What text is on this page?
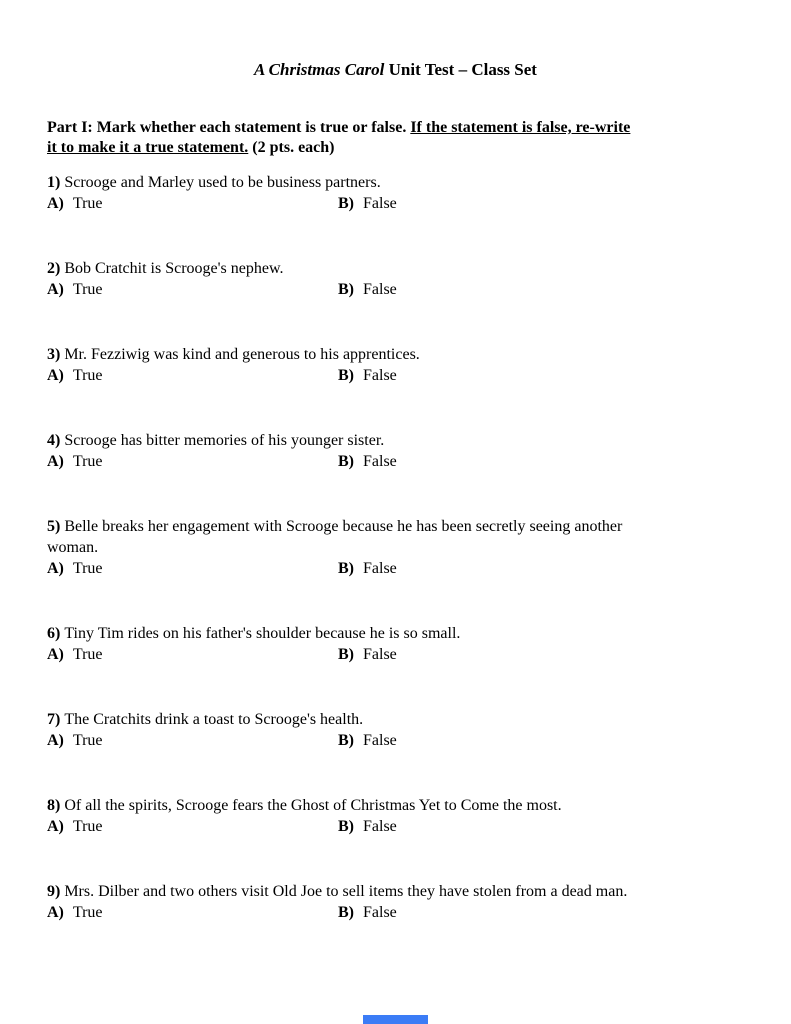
A Christmas Carol Unit Test – Class Set
Part I: Mark whether each statement is true or false. If the statement is false, re-write
it to make it a true statement. (2 pts. each)
1) Scrooge and Marley used to be business partners.
A) True	B) False
2) Bob Cratchit is Scrooge's nephew.
A) True	B) False
3) Mr. Fezziwig was kind and generous to his apprentices.
A) True	B) False
4) Scrooge has bitter memories of his younger sister.
A) True	B) False
5) Belle breaks her engagement with Scrooge because he has been secretly seeing another
woman.
A) True	B) False
6) Tiny Tim rides on his father's shoulder because he is so small.
A) True	B) False
7) The Cratchits drink a toast to Scrooge's health.
A) True	B) False
8) Of all the spirits, Scrooge fears the Ghost of Christmas Yet to Come the most.
A) True	B) False
9) Mrs. Dilber and two others visit Old Joe to sell items they have stolen from a dead man.
A) True	B) False
